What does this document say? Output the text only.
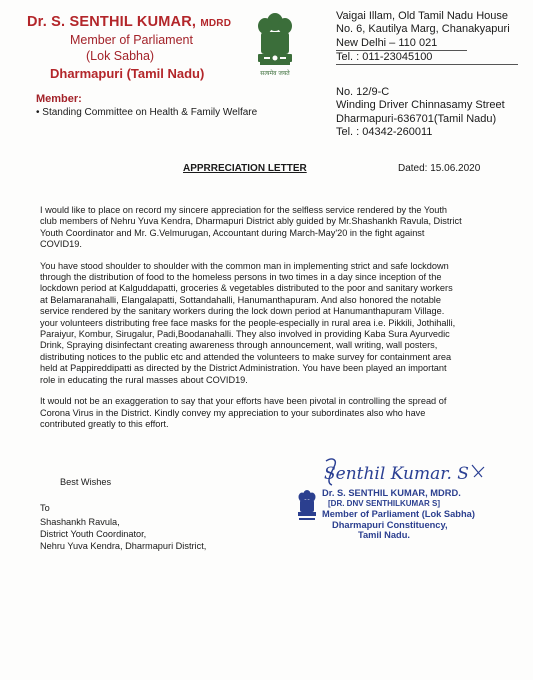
Dr. S. SENTHIL KUMAR, MDRD
Member of Parliament
(Lok Sabha)
Dharmapuri (Tamil Nadu)
Member:
• Standing Committee on Health & Family Welfare
सत्यमेव जयते
Vaigai Illam, Old Tamil Nadu House
No. 6, Kautilya Marg, Chanakyapuri
New Delhi – 110 021
Tel. : 011-23045100
No. 12/9-C
Winding Driver Chinnasamy Street
Dharmapuri-636701(Tamil Nadu)
Tel. : 04342-260011
APPRRECIATION LETTER	Dated: 15.06.2020

I would like to place on record my sincere appreciation for the selfless service rendered by the Youth
club members of Nehru Yuva Kendra, Dharmapuri District ably guided by Mr.Shashankh Ravula, District
Youth Coordinator and Mr. G.Velmurugan, Accountant during March-May'20 in the fight against
COVID19.

You have stood shoulder to shoulder with the common man in implementing strict and safe lockdown
through the distribution of food to the homeless persons in two times in a day since inception of the
lockdown period at Kalguddapatti, groceries & vegetables distributed to the poor and sanitary workers
at Belamaranahalli, Elangalapatti, Sottandahalli, Hanumanthapuram. And also honored the notable
service rendered by the sanitary workers during the lock down period at Hanumanthapuram Village.
your volunteers distributing free face masks for the people-especially in rural area i.e. Pikkili, Jothihalli,
Paraiyur, Kombur, Sirugalur, Padi,Boodanahalli. They also involved in providing Kaba Sura Ayurvedic
Drink, Spraying disinfectant creating awareness through announcement, wall writing, wall posters,
distributing notices to the public etc and attended the volunteers to make survey for containment area
held at Pappireddipatti as directed by the District Administration. You have been played an important
role in educating the rural masses about COVID19.

It would not be an exaggeration to say that your efforts have been pivotal in controlling the spread of
Corona Virus in the District. Kindly convey my appreciation to your subordinates also who have
contributed greatly to this effort.

Best Wishes
To
Shashankh Ravula,
District Youth Coordinator,
Nehru Yuva Kendra, Dharmapuri District,
Senthil Kumar. S
Dr. S. SENTHIL KUMAR, MDRD.
[DR. DNV SENTHILKUMAR S]
Member of Parliament (Lok Sabha)
Dharmapuri Constituency,
Tamil Nadu.
